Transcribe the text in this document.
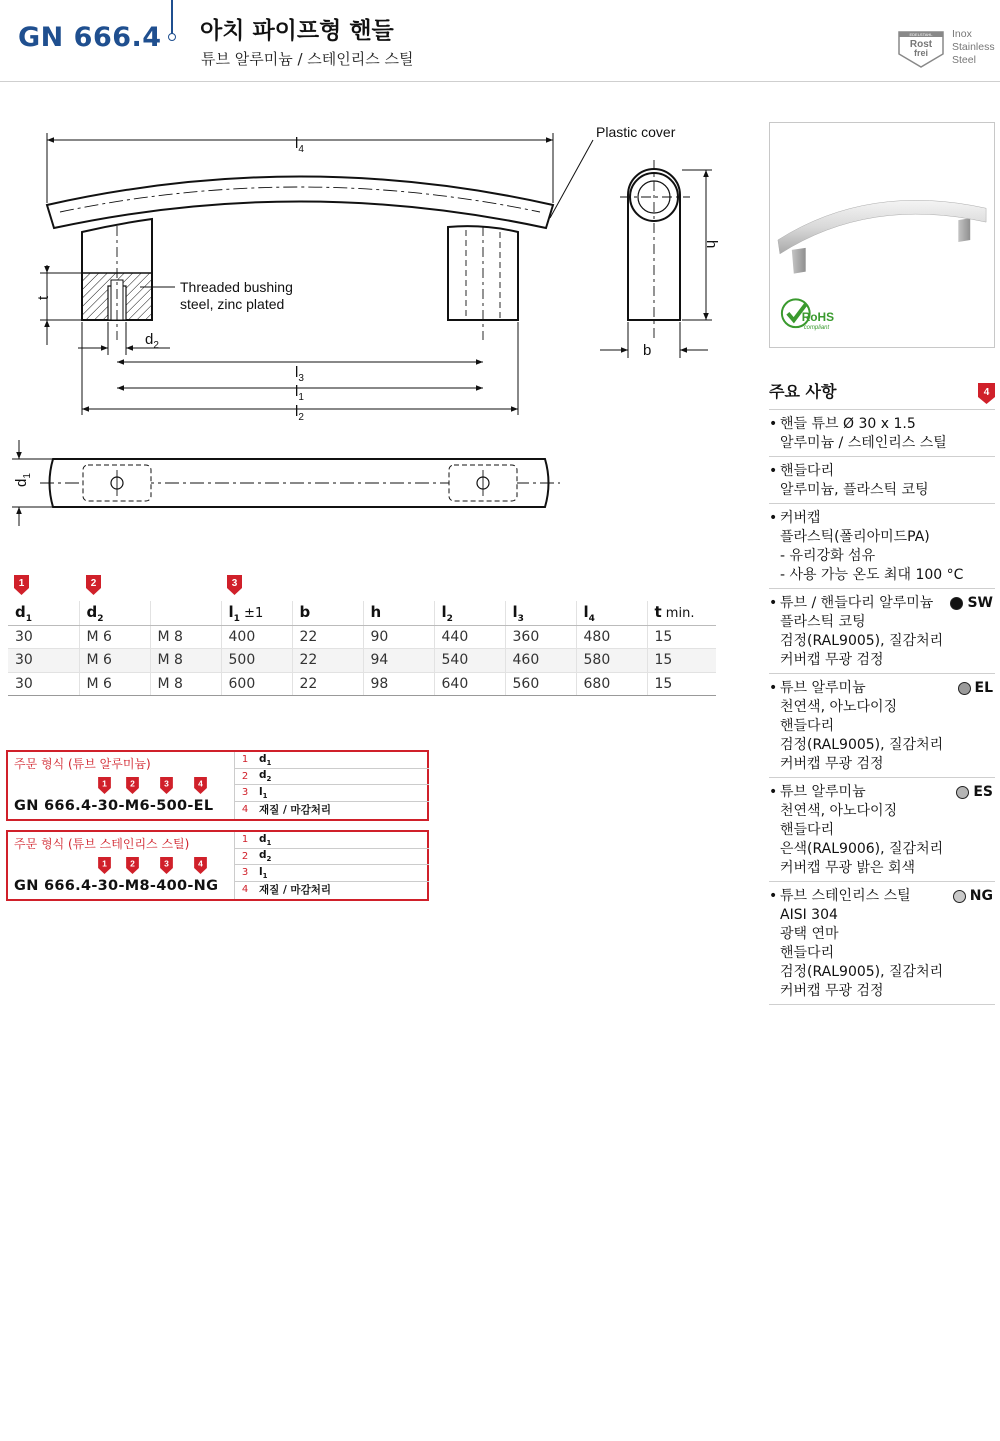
GN 666.4 아치 파이프형 핸들
튜브 알루미늄 / 스테인리스 스틸
EDELSTAHL
Rost
frei
Inox
Stainless
Steel
$l_4$
Plastic cover
Threaded bushing
steel, zinc plated
t
$d_2$
$l_3$
$l_1$
$l_2$
h
b
$d_1$
RoHS
compliant
주요 사항	4
• 핸들 튜브 Ø 30 x 1.5
알루미늄 / 스테인리스 스틸
• 핸들다리
알루미늄, 플라스틱 코팅
• 커버캡
플라스틱(폴리아미드PA)
- 유리강화 섬유
- 사용 가능 온도 최대 100 °C
• 튜브 / 핸들다리 알루미늄
플라스틱 코팅
검정(RAL9005), 질감처리
커버캡 무광 검정
SW
• 튜브 알루미늄
천연색, 아노다이징
핸들다리
검정(RAL9005), 질감처리
커버캡 무광 검정
EL
• 튜브 알루미늄
천연색, 아노다이징
핸들다리
은색(RAL9006), 질감처리
커버캡 무광 밝은 회색
ES
• 튜브 스테인리스 스틸
AISI 304
광택 연마
핸들다리
검정(RAL9005), 질감처리
커버캡 무광 검정
NG
1	2	3
$d_1$	$d_2$		$l_1 \pm 1$	b	h	$l_2$	$l_3$	$l_4$	t min.
30	M 6	M 8	400	22	90	440	360	480	15
30	M 6	M 8	500	22	94	540	460	580	15
30	M 6	M 8	600	22	98	640	560	680	15
주문 형식 (튜브 알루미늄)
1 2	3	4
GN 666.4-30-M6-500-EL
1	$d_1$
2	$d_2$
3	$l_1$
4	재질 / 마감처리
주문 형식 (튜브 스테인리스 스틸)
1 2	3	4
GN 666.4-30-M8-400-NG
1	$d_1$
2	$d_2$
3	$l_1$
4	재질 / 마감처리
